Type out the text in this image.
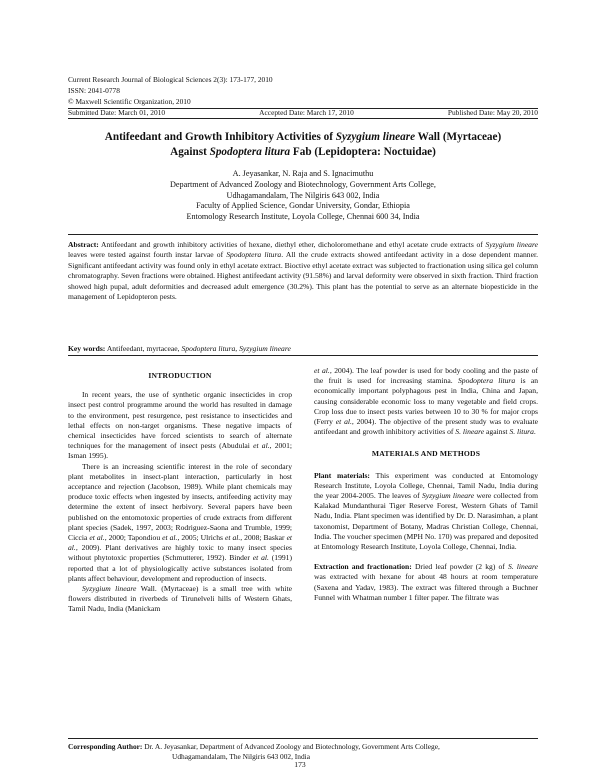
Current Research Journal of Biological Sciences 2(3): 173-177, 2010
ISSN: 2041-0778
© Maxwell Scientific Organization, 2010
Submitted Date: March 01, 2010	Accepted Date: March 17, 2010	Published Date: May 20, 2010
Antifeedant and Growth Inhibitory Activities of Syzygium lineare Wall (Myrtaceae)
Against Spodoptera litura Fab (Lepidoptera: Noctuidae)
A. Jeyasankar, N. Raja and S. Ignacimuthu
Department of Advanced Zoology and Biotechnology, Government Arts College,
Udhagamandalam, The Nilgiris 643 002, India
Faculty of Applied Science, Gondar University, Gondar, Ethiopia
Entomology Research Institute, Loyola College, Chennai 600 34, India
Abstract: Antifeedant and growth inhibitory activities of hexane, diethyl ether, dicholoromethane and ethyl acetate crude extracts of Syzygium lineare leaves were tested against fourth instar larvae of Spodoptera litura. All the crude extracts showed antifeedant activity in a dose dependent manner. Significant antifeedant activity was found only in ethyl acetate extract. Bioctive ethyl acetate extract was subjected to fractionation using silica gel column chromatography. Seven fractions were obtained. Highest antifeedant activity (91.58%) and larval deformity were observed in sixth fraction. Third fraction showed high pupal, adult deformities and decreased adult emergence (30.2%). This plant has the potential to serve as an alternate biopesticide in the management of Lepidopteron pests.
Key words: Antifeedant, myrtaceae, Spodoptera litura, Syzygium lineare
INTRODUCTION

In recent years, the use of synthetic organic insecticides in crop insect pest control programme around the world has resulted in damage to the environment, pest resurgence, pest resistance to insecticides and lethal effects on non-target organisms. These negative impacts of chemical insecticides have forced scientists to search of alternate techniques for the management of insect pests (Abudulai et al., 2001; Isman 1995).

There is an increasing scientific interest in the role of secondary plant metabolites in insect-plant interaction, particularly in host acceptance and rejection (Jacobson, 1989). While plant chemicals may produce toxic effects when ingested by insects, antifeeding activity may determine the extent of insect herbivory. Several papers have been published on the entomotoxic properties of crude extracts from different plant species (Sadek, 1997, 2003; Rodriguez-Saona and Trumble, 1999; Ciccia et al., 2000; Tapondiou et al., 2005; Ulrichs et al., 2008; Baskar et al., 2009). Plant derivatives are highly toxic to many insect species without phytotoxic properties (Schmutterer, 1992). Binder et al. (1991) reported that a lot of physiologically active substances isolated from plants affect behaviour, development and reproduction of insects.

Syzygium lineare Wall. (Myrtaceae) is a small tree with white flowers distributed in riverbeds of Tirunelveli hills of Western Ghats, Tamil Nadu, India (Manickam

et al., 2004). The leaf powder is used for body cooling and the paste of the fruit is used for increasing stamina. Spodoptera litura is an economically important polyphagous pest in India, China and Japan, causing considerable economic loss to many vegetable and field crops. Crop loss due to insect pests varies between 10 to 30 % for major crops (Ferry et al., 2004). The objective of the present study was to evaluate antifeedant and growth inhibitory activities of S. lineare against S. litura.

MATERIALS AND METHODS

Plant materials: This experiment was conducted at Entomology Research Institute, Loyola College, Chennai, Tamil Nadu, India during the year 2004-2005. The leaves of Syzygium lineare were collected from Kalakad Mundanthurai Tiger Reserve Forest, Western Ghats of Tamil Nadu, India. Plant specimen was identified by Dr. D. Narasimhan, a plant taxonomist, Department of Botany, Madras Christian College, Chennai, India. The voucher specimen (MPH No. 170) was prepared and deposited at Entomology Research Institute, Loyola College, Chennai, India.

Extraction and fractionation: Dried leaf powder (2 kg) of S. lineare was extracted with hexane for about 48 hours at room temperature (Saxena and Yadav, 1983). The extract was filtered through a Buchner Funnel with Whatman number 1 filter paper. The filtrate was

Corresponding Author: Dr. A. Jeyasankar, Department of Advanced Zoology and Biotechnology, Government Arts College,
Udhagamandalam, The Nilgiris 643 002, India
173
